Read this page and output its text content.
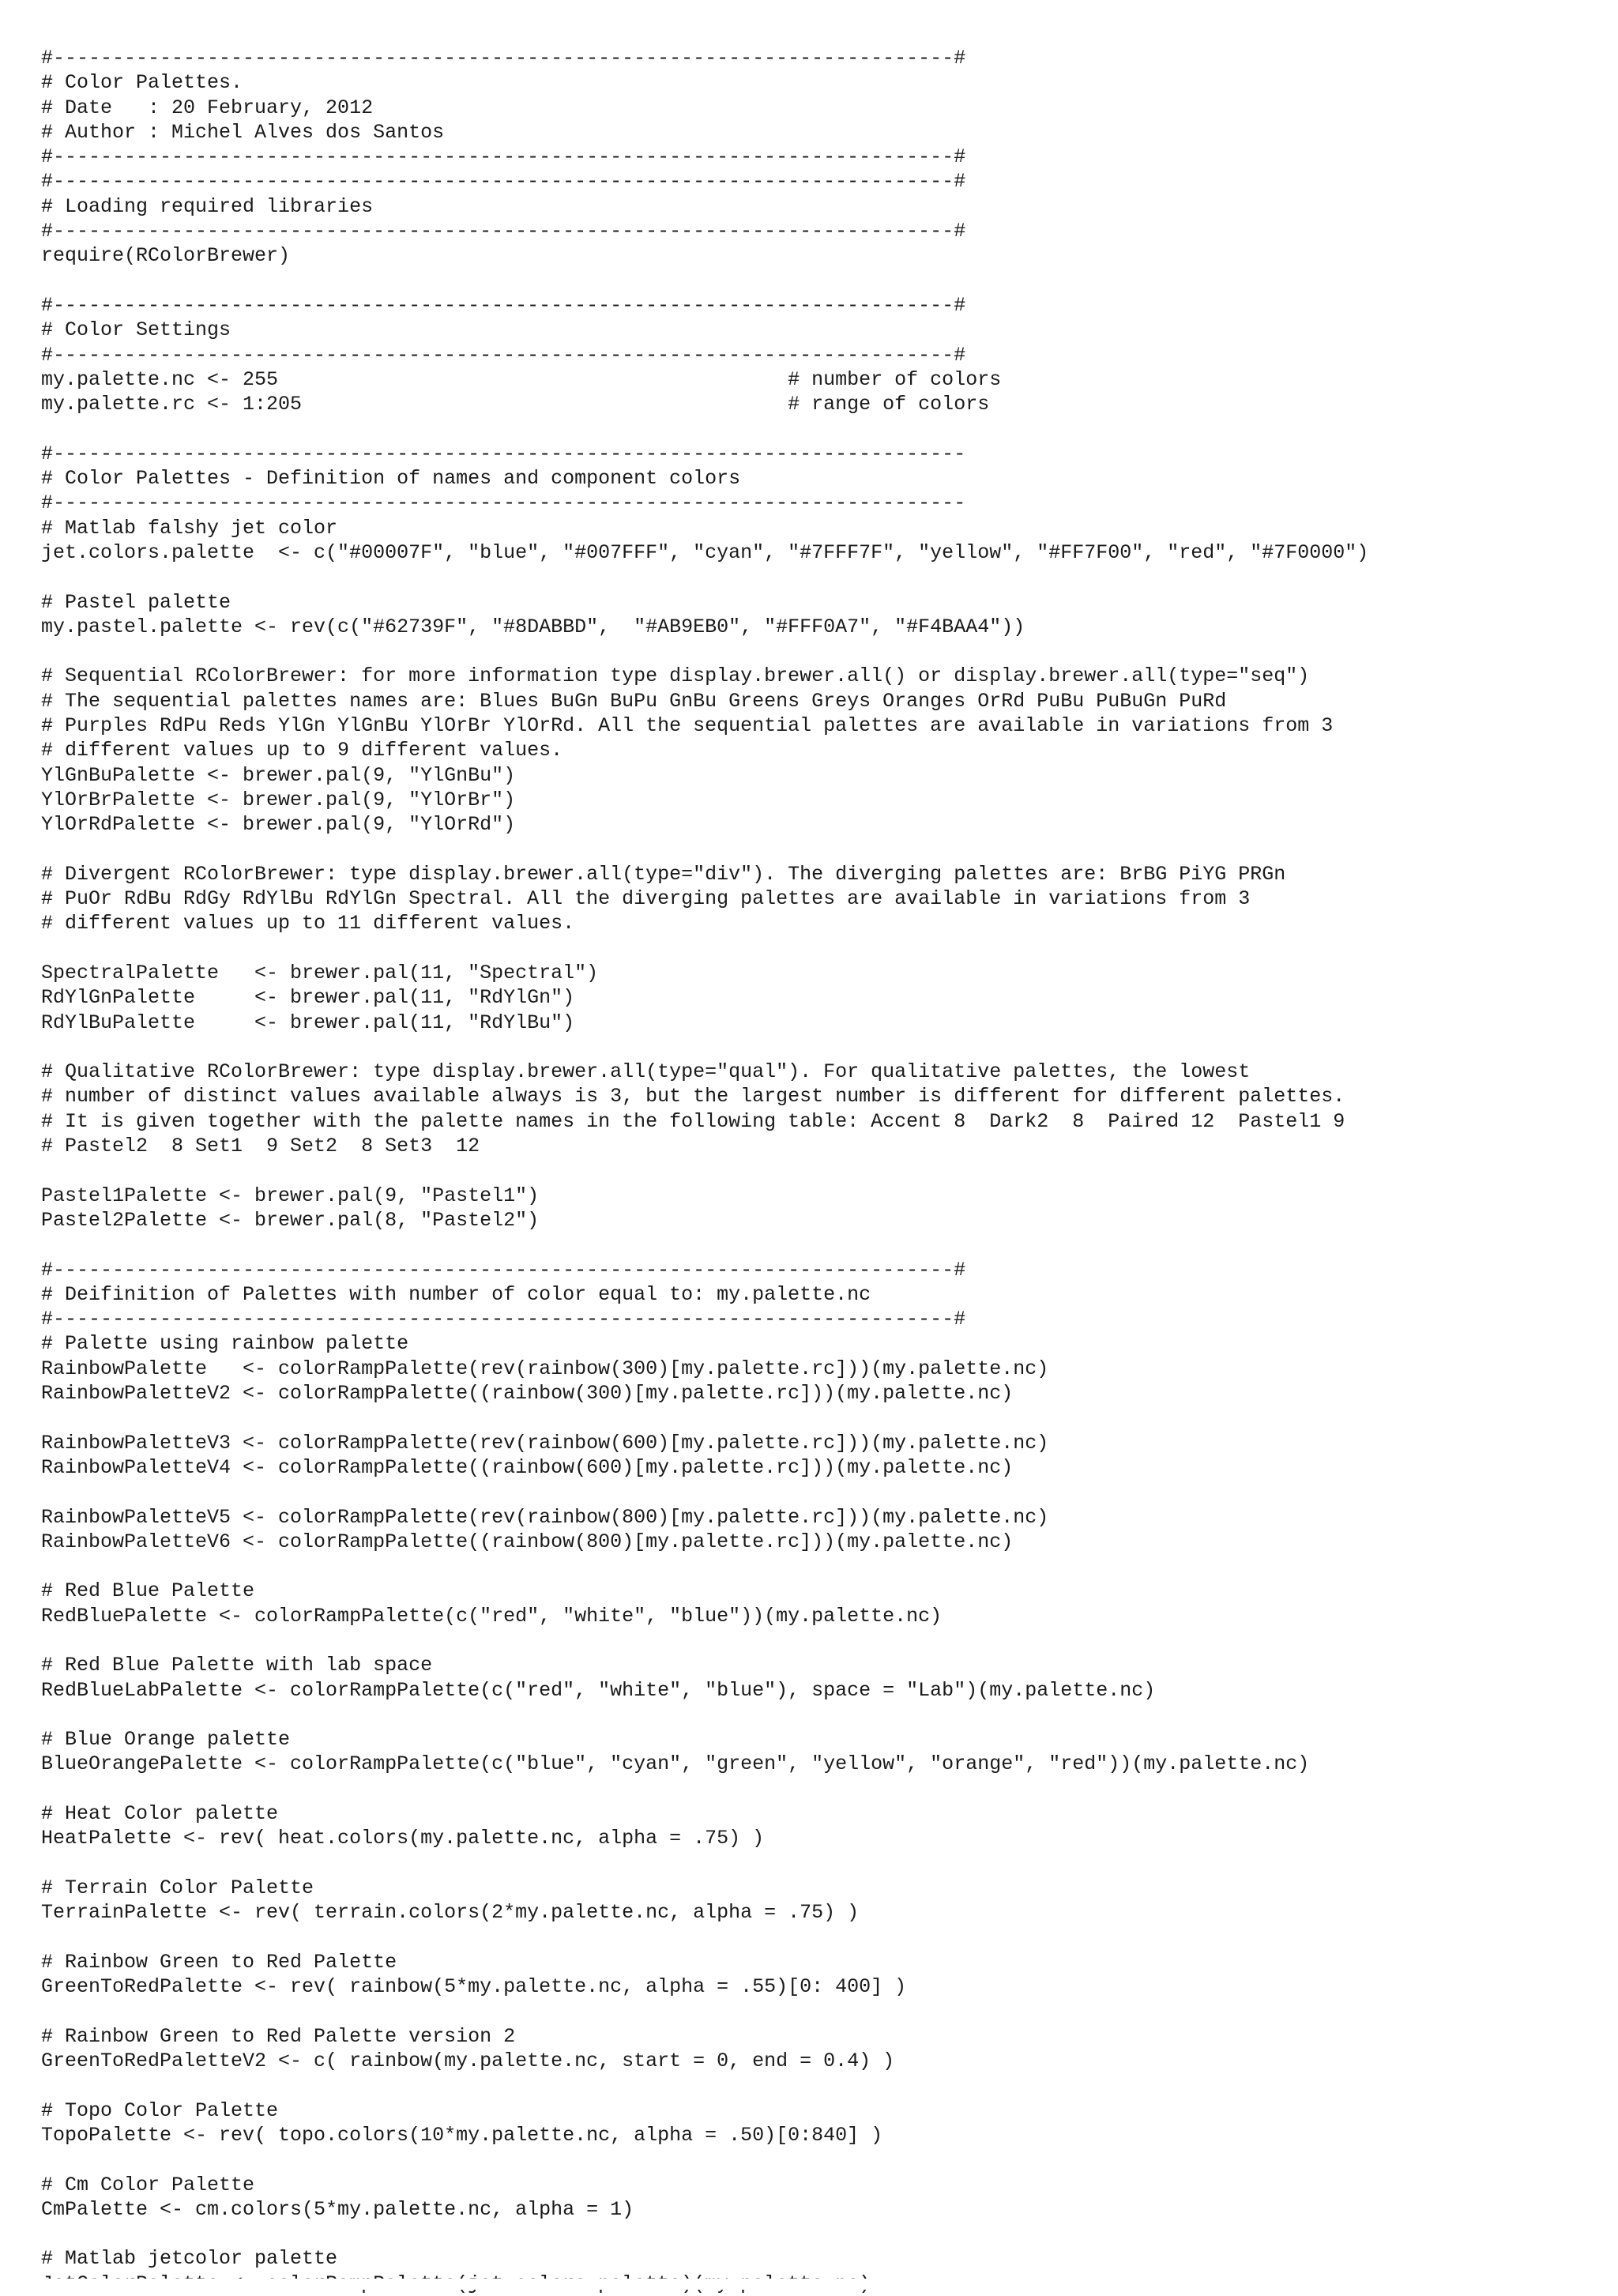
#----------------------------------------------------------------------------#
# Color Palettes.
# Date   : 20 February, 2012
# Author : Michel Alves dos Santos
#----------------------------------------------------------------------------#
#----------------------------------------------------------------------------#
# Loading required libraries
#----------------------------------------------------------------------------#
require(RColorBrewer)
#----------------------------------------------------------------------------#
# Color Settings
#----------------------------------------------------------------------------#
my.palette.nc <- 255                                           # number of colors
my.palette.rc <- 1:205                                         # range of colors
#-----------------------------------------------------------------------------
# Color Palettes - Definition of names and component colors
#-----------------------------------------------------------------------------
# Matlab falshy jet color
jet.colors.palette  <- c("#00007F", "blue", "#007FFF", "cyan", "#7FFF7F", "yellow", "#FF7F00", "red", "#7F0000")
# Pastel palette
my.pastel.palette <- rev(c("#62739F", "#8DABBD",  "#AB9EB0", "#FFF0A7", "#F4BAA4"))
# Sequential RColorBrewer: for more information type display.brewer.all() or display.brewer.all(type="seq")
# The sequential palettes names are: Blues BuGn BuPu GnBu Greens Greys Oranges OrRd PuBu PuBuGn PuRd
# Purples RdPu Reds YlGn YlGnBu YlOrBr YlOrRd. All the sequential palettes are available in variations from 3
# different values up to 9 different values.
YlGnBuPalette <- brewer.pal(9, "YlGnBu")
YlOrBrPalette <- brewer.pal(9, "YlOrBr")
YlOrRdPalette <- brewer.pal(9, "YlOrRd")
# Divergent RColorBrewer: type display.brewer.all(type="div"). The diverging palettes are: BrBG PiYG PRGn
# PuOr RdBu RdGy RdYlBu RdYlGn Spectral. All the diverging palettes are available in variations from 3
# different values up to 11 different values.
SpectralPalette   <- brewer.pal(11, "Spectral")
RdYlGnPalette     <- brewer.pal(11, "RdYlGn")
RdYlBuPalette     <- brewer.pal(11, "RdYlBu")
# Qualitative RColorBrewer: type display.brewer.all(type="qual"). For qualitative palettes, the lowest
# number of distinct values available always is 3, but the largest number is different for different palettes.
# It is given together with the palette names in the following table: Accent 8  Dark2  8  Paired 12  Pastel1 9
# Pastel2  8 Set1  9 Set2  8 Set3  12
Pastel1Palette <- brewer.pal(9, "Pastel1")
Pastel2Palette <- brewer.pal(8, "Pastel2")
#----------------------------------------------------------------------------#
# Deifinition of Palettes with number of color equal to: my.palette.nc
#----------------------------------------------------------------------------#
# Palette using rainbow palette
RainbowPalette   <- colorRampPalette(rev(rainbow(300)[my.palette.rc]))(my.palette.nc)
RainbowPaletteV2 <- colorRampPalette((rainbow(300)[my.palette.rc]))(my.palette.nc)
RainbowPaletteV3 <- colorRampPalette(rev(rainbow(600)[my.palette.rc]))(my.palette.nc)
RainbowPaletteV4 <- colorRampPalette((rainbow(600)[my.palette.rc]))(my.palette.nc)
RainbowPaletteV5 <- colorRampPalette(rev(rainbow(800)[my.palette.rc]))(my.palette.nc)
RainbowPaletteV6 <- colorRampPalette((rainbow(800)[my.palette.rc]))(my.palette.nc)
# Red Blue Palette
RedBluePalette <- colorRampPalette(c("red", "white", "blue"))(my.palette.nc)
# Red Blue Palette with lab space
RedBlueLabPalette <- colorRampPalette(c("red", "white", "blue"), space = "Lab")(my.palette.nc)
# Blue Orange palette
BlueOrangePalette <- colorRampPalette(c("blue", "cyan", "green", "yellow", "orange", "red"))(my.palette.nc)
# Heat Color palette
HeatPalette <- rev( heat.colors(my.palette.nc, alpha = .75) )
# Terrain Color Palette
TerrainPalette <- rev( terrain.colors(2*my.palette.nc, alpha = .75) )
# Rainbow Green to Red Palette
GreenToRedPalette <- rev( rainbow(5*my.palette.nc, alpha = .55)[0: 400] )
# Rainbow Green to Red Palette version 2
GreenToRedPaletteV2 <- c( rainbow(my.palette.nc, start = 0, end = 0.4) )
# Topo Color Palette
TopoPalette <- rev( topo.colors(10*my.palette.nc, alpha = .50)[0:840] )
# Cm Color Palette
CmPalette <- cm.colors(5*my.palette.nc, alpha = 1)
# Matlab jetcolor palette
